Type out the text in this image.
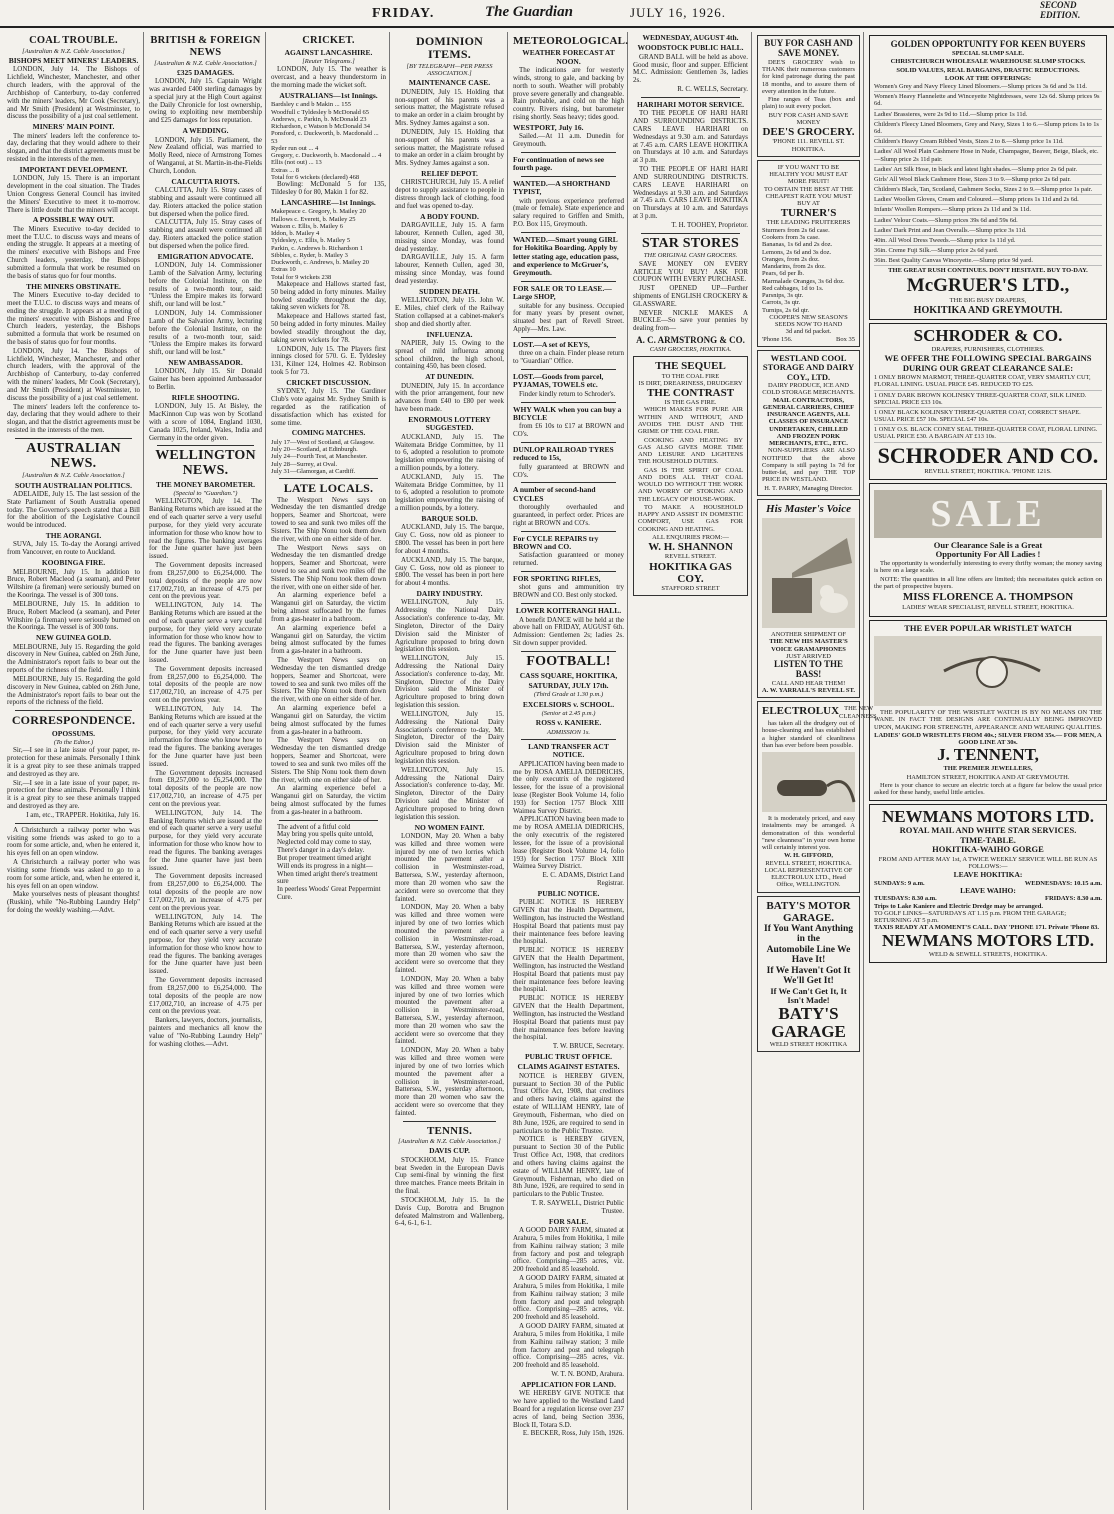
FRIDAY.	The Guardian	JULY 16, 1926.	SECOND EDITION.
COAL TROUBLE.
[Australian & N.Z. Cable Association.]
BISHOPS MEET MINERS' LEADERS.

LONDON, July 14. The Bishops of Lichfield, Winchester, Manchester, and other church leaders, with the approval of the Archbishop of Canterbury, to-day conferred with the miners' leaders, Mr Cook (Secretary), and Mr Smith (President) at Westminster, to discuss the possibility of a just coal settlement.

MINERS' MAIN POINT.

The miners' leaders left the conference to-day, declaring that they would adhere to their slogan, and that the district agreements must be resisted in the interests of the men.

IMPORTANT DEVELOPMENT.

LONDON, July 15. There is an important development in the coal situation. The Trades Union Congress General Council has invited the Miners' Executive to meet it to-morrow. There is little doubt that the miners will accept.

A POSSIBLE WAY OUT.

The Miners Executive to-day decided to meet the T.U.C. to discuss ways and means of ending the struggle. It appears at a meeting of the miners' executive with Bishops and Free Church leaders, yesterday, the Bishops submitted a formula that work be resumed on the basis of status quo for four months.

THE MINERS OBSTINATE.

The Miners Executive to-day decided to meet the T.U.C. to discuss ways and means of ending the struggle. It appears at a meeting of the miners' executive with Bishops and Free Church leaders, yesterday, the Bishops submitted a formula that work be resumed on the basis of status quo for four months.

LONDON, July 14. The Bishops of Lichfield, Winchester, Manchester, and other church leaders, with the approval of the Archbishop of Canterbury, to-day conferred with the miners' leaders, Mr Cook (Secretary), and Mr Smith (President) at Westminster, to discuss the possibility of a just coal settlement.

The miners' leaders left the conference to-day, declaring that they would adhere to their slogan, and that the district agreements must be resisted in the interests of the men.

AUSTRALIAN NEWS.
[Australian & N.Z. Cable Association.]
SOUTH AUSTRALIAN POLITICS.

ADELAIDE, July 15. The last session of the State Parliament of South Australia opened today. The Governor's speech stated that a Bill for the abolition of the Legislative Council would be introduced.

THE AORANGI.

SUVA, July 15. To-day the Aorangi arrived from Vancouver, en route to Auckland.

KOOBINGA FIRE.

MELBOURNE, July 15. In addition to Bruce, Robert Macleod (a seaman), and Peter Wiltshire (a fireman) were seriously burned on the Kooringa. The vessel is of 300 tons.

MELBOURNE, July 15. In addition to Bruce, Robert Macleod (a seaman), and Peter Wiltshire (a fireman) were seriously burned on the Kooringa. The vessel is of 300 tons.

NEW GUINEA GOLD.

MELBOURNE, July 15. Regarding the gold discovery in New Guinea, cabled on 26th June, the Administrator's report fails to bear out the reports of the richness of the field.

MELBOURNE, July 15. Regarding the gold discovery in New Guinea, cabled on 26th June, the Administrator's report fails to bear out the reports of the richness of the field.

CORRESPONDENCE.
OPOSSUMS.
(To the Editor.)

Sir,—I see in a late issue of your paper, re-protection for these animals. Personally I think it is a great pity to see these animals trapped and destroyed as they are.

Sir,—I see in a late issue of your paper, re-protection for these animals. Personally I think it is a great pity to see these animals trapped and destroyed as they are.

I am, etc., TRAPPER. Hokitika, July 16.

A Christchurch a railway porter who was visiting some friends was asked to go to a room for some article, and, when he entered it, his eyes fell on an open window.

A Christchurch a railway porter who was visiting some friends was asked to go to a room for some article, and, when he entered it, his eyes fell on an open window.

Make yourselves nests of pleasant thoughts! (Ruskin), while "No-Rubbing Laundry Help" for doing the weekly washing.—Advt.

BRITISH & FOREIGN NEWS
[Australian & N.Z. Cable Association.]
£325 DAMAGES.

LONDON, July 15. Captain Wright was awarded £400 sterling damages by a special jury at the High Court against the Daily Chronicle for lost ownership, owing to exploiting new membership and £25 damages for loss reputation.

A WEDDING.

LONDON, July 15. Parliament, the New Zealand official, was married to Molly Reed, niece of Armstrong Tomes of Wanganui, at St. Martin-in-the-Fields Church, London.

CALCUTTA RIOTS.

CALCUTTA, July 15. Stray cases of stabbing and assault were continued all day. Rioters attacked the police station but dispersed when the police fired.

CALCUTTA, July 15. Stray cases of stabbing and assault were continued all day. Rioters attacked the police station but dispersed when the police fired.

EMIGRATION ADVOCATE.

LONDON, July 14. Commissioner Lamb of the Salvation Army, lecturing before the Colonial Institute, on the results of a two-month tour, said: "Unless the Empire makes its forward shift, our land will be lost."

LONDON, July 14. Commissioner Lamb of the Salvation Army, lecturing before the Colonial Institute, on the results of a two-month tour, said: "Unless the Empire makes its forward shift, our land will be lost."

NEW AMBASSADOR.

LONDON, July 15. Sir Donald Gainer has been appointed Ambassador to Berlin.

RIFLE SHOOTING.

LONDON, July 15. At Bisley, the MacKinnon Cup was won by Scotland with a score of 1084, England 1030, Canada 1025, Ireland, Wales, India and Germany in the order given.

WELLINGTON NEWS.
THE MONEY BAROMETER.
(Special to "Guardian.")

WELLINGTON, July 14. The Banking Returns which are issued at the end of each quarter serve a very useful purpose, for they yield very accurate information for those who know how to read the figures. The banking averages for the June quarter have just been issued.

The Government deposits increased from £8,257,000 to £6,254,000. The total deposits of the people are now £17,002,710, an increase of 4.75 per cent on the previous year.

WELLINGTON, July 14. The Banking Returns which are issued at the end of each quarter serve a very useful purpose, for they yield very accurate information for those who know how to read the figures. The banking averages for the June quarter have just been issued.

The Government deposits increased from £8,257,000 to £6,254,000. The total deposits of the people are now £17,002,710, an increase of 4.75 per cent on the previous year.

WELLINGTON, July 14. The Banking Returns which are issued at the end of each quarter serve a very useful purpose, for they yield very accurate information for those who know how to read the figures. The banking averages for the June quarter have just been issued.

The Government deposits increased from £8,257,000 to £6,254,000. The total deposits of the people are now £17,002,710, an increase of 4.75 per cent on the previous year.

WELLINGTON, July 14. The Banking Returns which are issued at the end of each quarter serve a very useful purpose, for they yield very accurate information for those who know how to read the figures. The banking averages for the June quarter have just been issued.

The Government deposits increased from £8,257,000 to £6,254,000. The total deposits of the people are now £17,002,710, an increase of 4.75 per cent on the previous year.

WELLINGTON, July 14. The Banking Returns which are issued at the end of each quarter serve a very useful purpose, for they yield very accurate information for those who know how to read the figures. The banking averages for the June quarter have just been issued.

The Government deposits increased from £8,257,000 to £6,254,000. The total deposits of the people are now £17,002,710, an increase of 4.75 per cent on the previous year.

Bankers, lawyers, doctors, journalists, painters and mechanics all know the value of "No-Rubbing Laundry Help" for washing clothes.—Advt.

CRICKET.
AGAINST LANCASHIRE.
[Reuter Telegrams.]

LONDON, July 15. The weather is overcast, and a heavy thunderstorm in the morning made the wicket soft.

AUSTRALIANS—1st Innings.
Bardsley c and b Makin ... 155
Woodfull c Tyldesley b McDonald 65
Andrews, c. Parkin, b. McDonald 23
Richardson, c Watson b McDonald 34
Ponsford, c. Duckworth, b. Macdonald ... 53
Ryder run out ... 4
Gregory, c. Duckworth, b. Macdonald ... 4
Ellis (not out) ... 13
Extras ... 8
Total for 6 wickets (declared) 468

Bowling: McDonald 5 for 135, Tildesley 0 for 80, Makin 1 for 82.

LANCASHIRE—1st Innings.
Makepeace c. Gregory, b. Mailey 20
Hallows c. Everett, b. Mailey 25
Watson c. Ellis, b. Mailey 6
Iddon, b. Mailey 4
Tyldesley, c. Ellis, b. Mailey 5
Parkin, c. Andrews b. Richardson 1
Sibbles, c. Ryder, b. Mailey 3
Duckworth, c. Andrews, b. Mailey 20
Extras 10
Total for 9 wickets 238

Makepeace and Hallows started fast, 50 being added in forty minutes. Mailey bowled steadily throughout the day, taking seven wickets for 78.

Makepeace and Hallows started fast, 50 being added in forty minutes. Mailey bowled steadily throughout the day, taking seven wickets for 78.

LONDON, July 15. The Players first innings closed for 570. G. E. Tyldesley 131, Kilner 124, Holmes 42. Robinson took 5 for 73.

CRICKET DISCUSSION.

SYDNEY, July 15. The Gardiner Club's vote against Mr. Sydney Smith is regarded as the ratification of dissatisfaction which has existed for some time.

COMING MATCHES.
July 17—West of Scotland, at Glasgow.
July 20—Scotland, at Edinburgh.
July 24—Fourth Test, at Manchester.
July 28—Surrey, at Oval.
July 31—Glamorgan, at Cardiff.
LATE LOCALS.

The Westport News says on Wednesday the ten dismantled dredge hoppers, Seamer and Shortcoat, were towed to sea and sunk two miles off the Sisters. The Ship Nonu took them down the river, with one on either side of her.

The Westport News says on Wednesday the ten dismantled dredge hoppers, Seamer and Shortcoat, were towed to sea and sunk two miles off the Sisters. The Ship Nonu took them down the river, with one on either side of her.

An alarming experience befel a Wanganui girl on Saturday, the victim being almost suffocated by the fumes from a gas-heater in a bathroom.

An alarming experience befel a Wanganui girl on Saturday, the victim being almost suffocated by the fumes from a gas-heater in a bathroom.

The Westport News says on Wednesday the ten dismantled dredge hoppers, Seamer and Shortcoat, were towed to sea and sunk two miles off the Sisters. The Ship Nonu took them down the river, with one on either side of her.

An alarming experience befel a Wanganui girl on Saturday, the victim being almost suffocated by the fumes from a gas-heater in a bathroom.

The Westport News says on Wednesday the ten dismantled dredge hoppers, Seamer and Shortcoat, were towed to sea and sunk two miles off the Sisters. The Ship Nonu took them down the river, with one on either side of her.

An alarming experience befel a Wanganui girl on Saturday, the victim being almost suffocated by the fumes from a gas-heater in a bathroom.

The advent of a fitful cold
May bring you spells quite untold,
Neglected cold may come to stay,
There's danger in a day's delay.
But proper treatment timed aright
Will ends its progress in a night—
When timed aright there's treatment sure
In peerless Woods' Great Peppermint Cure.
DOMINION ITEMS.
[BY TELEGRAPH—PER PRESS ASSOCIATION.]
MAINTENANCE CASE.

DUNEDIN, July 15. Holding that non-support of his parents was a serious matter, the Magistrate refused to make an order in a claim brought by Mrs. Sydney James against a son.

DUNEDIN, July 15. Holding that non-support of his parents was a serious matter, the Magistrate refused to make an order in a claim brought by Mrs. Sydney James against a son.

RELIEF DEPOT.

CHRISTCHURCH, July 15. A relief depot to supply assistance to people in distress through lack of clothing, food and fuel was opened to-day.

A BODY FOUND.

DARGAVILLE, July 15. A farm labourer, Kenneth Cullen, aged 30, missing since Monday, was found dead yesterday.

DARGAVILLE, July 15. A farm labourer, Kenneth Cullen, aged 30, missing since Monday, was found dead yesterday.

SUDDEN DEATH.

WELLINGTON, July 15. John W. E. Miles, chief clerk of the Railway Station collapsed at a cabinet-maker's shop and died shortly after.

INFLUENZA.

NAPIER, July 15. Owing to the spread of mild influenza among school children, the high school, containing 450, has been closed.

AT DUNEDIN.

DUNEDIN, July 15. In accordance with the prior arrangement, four new advances from £40 to £80 per week have been made.

ENORMOUS LOTTERY SUGGESTED.

AUCKLAND, July 15. The Waitemata Bridge Committee, by 11 to 6, adopted a resolution to promote legislation empowering the raising of a million pounds, by a lottery.

AUCKLAND, July 15. The Waitemata Bridge Committee, by 11 to 6, adopted a resolution to promote legislation empowering the raising of a million pounds, by a lottery.

BARQUE SOLD.

AUCKLAND, July 15. The barque, Guy C. Goss, now old as pioneer to £800. The vessel has been in port here for about 4 months.

AUCKLAND, July 15. The barque, Guy C. Goss, now old as pioneer to £800. The vessel has been in port here for about 4 months.

DAIRY INDUSTRY.

WELLINGTON, July 15. Addressing the National Dairy Association's conference to-day, Mr. Singleton, Director of the Dairy Division said the Minister of Agriculture proposed to bring down legislation this session.

WELLINGTON, July 15. Addressing the National Dairy Association's conference to-day, Mr. Singleton, Director of the Dairy Division said the Minister of Agriculture proposed to bring down legislation this session.

WELLINGTON, July 15. Addressing the National Dairy Association's conference to-day, Mr. Singleton, Director of the Dairy Division said the Minister of Agriculture proposed to bring down legislation this session.

WELLINGTON, July 15. Addressing the National Dairy Association's conference to-day, Mr. Singleton, Director of the Dairy Division said the Minister of Agriculture proposed to bring down legislation this session.

NO WOMEN FAINT.

LONDON, May 20. When a baby was killed and three women were injured by one of two lorries which mounted the pavement after a collision in Westminster-road, Battersea, S.W., yesterday afternoon, more than 20 women who saw the accident were so overcome that they fainted.

LONDON, May 20. When a baby was killed and three women were injured by one of two lorries which mounted the pavement after a collision in Westminster-road, Battersea, S.W., yesterday afternoon, more than 20 women who saw the accident were so overcome that they fainted.

LONDON, May 20. When a baby was killed and three women were injured by one of two lorries which mounted the pavement after a collision in Westminster-road, Battersea, S.W., yesterday afternoon, more than 20 women who saw the accident were so overcome that they fainted.

LONDON, May 20. When a baby was killed and three women were injured by one of two lorries which mounted the pavement after a collision in Westminster-road, Battersea, S.W., yesterday afternoon, more than 20 women who saw the accident were so overcome that they fainted.

TENNIS.
[Australian & N.Z. Cable Association.]
DAVIS CUP.

STOCKHOLM, July 15. France beat Sweden in the European Davis Cup semi-final by winning the first three matches. France meets Britain in the final.

STOCKHOLM, July 15. In the Davis Cup, Borotra and Brugnon defeated Malmstrom and Wallenberg, 6-4, 6-1, 6-1.

METEOROLOGICAL.
WEATHER FORECAST AT NOON.

The indications are for westerly winds, strong to gale, and backing by north to south. Weather will probably prove severe generally and changeable. Rain probable, and cold on the high country. Rivers rising, but barometer rising shortly. Seas heavy; tides good.

WESTPORT, July 16.

Sailed.—At 11 a.m. Dunedin for Greymouth.

For continuation of news see fourth page.
WANTED.—A SHORTHAND TYPIST,

with previous experience preferred (male or female). State experience and salary required to Griffen and Smith, P.O. Box 115, Greymouth.

WANTED.—Smart young GIRL for Hokitika Boarding. Apply by letter stating age, education pass, and experience to McGruer's, Greymouth.
FOR SALE OR TO LEASE.—Large SHOP,

suitable for any business. Occupied for many years by present owner, situated best part of Revell Street. Apply—Mrs. Law.

LOST.—A set of KEYS,

three on a chain. Finder please return to "Guardian" Office.

LOST.—Goods from parcel, PYJAMAS, TOWELS etc.

Finder kindly return to Schroder's.

WHY WALK when you can buy a BICYCLE

from £6 10s to £17 at BROWN and CO's.

DUNLOP RAILROAD TYRES reduced to 15s,

fully guaranteed at BROWN and CO's.

A number of second-hand CYCLES

thoroughly overhauled and guaranteed, in perfect order. Prices are right at BROWN and CO's.

For CYCLE REPAIRS try BROWN and CO.

Satisfaction guaranteed or money returned.

FOR SPORTING RIFLES,

shot guns and ammunition try BROWN and CO. Best only stocked.

LOWER KOITERANGI HALL.

A benefit DANCE will be held at the above hall on FRIDAY, AUGUST 6th. Admission: Gentlemen 2s; ladies 2s. Sit down supper provided.

FOOTBALL!
CASS SQUARE, HOKITIKA,
SATURDAY, JULY 17th.
(Third Grade at 1.30 p.m.)
EXCELSIORS v. SCHOOL.
(Senior at 2.45 p.m.)
ROSS v. KANIERE.
ADMISSION 1s.
LAND TRANSFER ACT NOTICE.

APPLICATION having been made to me by ROSA AMELIA DIEDRICHS, the only executrix of the registered lessee, for the issue of a provisional lease (Register Book Volume 14, folio 193) for Section 1757 Block XIII Waimea Survey District.

APPLICATION having been made to me by ROSA AMELIA DIEDRICHS, the only executrix of the registered lessee, for the issue of a provisional lease (Register Book Volume 14, folio 193) for Section 1757 Block XIII Waimea Survey District.

E. C. ADAMS, District Land Registrar.

PUBLIC NOTICE.

PUBLIC NOTICE IS HEREBY GIVEN that the Health Department, Wellington, has instructed the Westland Hospital Board that patients must pay their maintenance fees before leaving the hospital.

PUBLIC NOTICE IS HEREBY GIVEN that the Health Department, Wellington, has instructed the Westland Hospital Board that patients must pay their maintenance fees before leaving the hospital.

PUBLIC NOTICE IS HEREBY GIVEN that the Health Department, Wellington, has instructed the Westland Hospital Board that patients must pay their maintenance fees before leaving the hospital.

T. W. BRUCE, Secretary.

PUBLIC TRUST OFFICE.
CLAIMS AGAINST ESTATES.

NOTICE is HEREBY GIVEN, pursuant to Section 30 of the Public Trust Office Act, 1908, that creditors and others having claims against the estate of WILLIAM HENRY, late of Greymouth, Fisherman, who died on 8th June, 1926, are required to send in particulars to the Public Trustee.

NOTICE is HEREBY GIVEN, pursuant to Section 30 of the Public Trust Office Act, 1908, that creditors and others having claims against the estate of WILLIAM HENRY, late of Greymouth, Fisherman, who died on 8th June, 1926, are required to send in particulars to the Public Trustee.

T. R. SAYWELL, District Public Trustee.

FOR SALE.

A GOOD DAIRY FARM, situated at Arahura, 5 miles from Hokitika, 1 mile from Kaihinu railway station; 3 mile from factory and post and telegraph office. Comprising—285 acres, viz. 200 freehold and 85 leasehold.

A GOOD DAIRY FARM, situated at Arahura, 5 miles from Hokitika, 1 mile from Kaihinu railway station; 3 mile from factory and post and telegraph office. Comprising—285 acres, viz. 200 freehold and 85 leasehold.

A GOOD DAIRY FARM, situated at Arahura, 5 miles from Hokitika, 1 mile from Kaihinu railway station; 3 mile from factory and post and telegraph office. Comprising—285 acres, viz. 200 freehold and 85 leasehold.

W. T. N. BOND, Arahura.

APPLICATION FOR LAND.

WE HEREBY GIVE NOTICE that we have applied to the Westland Land Board for a regulation license over 237 acres of land, being Section 3936, Block II, Totara S.D.

E. BECKER, Ross, July 15th, 1926.

WEDNESDAY, AUGUST 4th.
WOODSTOCK PUBLIC HALL.

GRAND BALL will be held as above. Good music, floor and supper. Efficient M.C. Admission: Gentlemen 3s, ladies 2s.

R. C. WELLS, Secretary.

HARIHARI MOTOR SERVICE.

TO THE PEOPLE OF HARI HARI AND SURROUNDING DISTRICTS. CARS LEAVE HARIHARI on Wednesdays at 9.30 a.m. and Saturdays at 7.45 a.m. CARS LEAVE HOKITIKA on Thursdays at 10 a.m. and Saturdays at 3 p.m.

TO THE PEOPLE OF HARI HARI AND SURROUNDING DISTRICTS. CARS LEAVE HARIHARI on Wednesdays at 9.30 a.m. and Saturdays at 7.45 a.m. CARS LEAVE HOKITIKA on Thursdays at 10 a.m. and Saturdays at 3 p.m.

T. H. TOOHEY, Proprietor.

STAR STORES
THE ORIGINAL CASH GROCERS.

SAVE MONEY ON EVERY ARTICLE YOU BUY! ASK FOR COUPON WITH EVERY PURCHASE.

JUST OPENED UP—Further shipments of ENGLISH CROCKERY & GLASSWARE.

NEVER NICKLE MAKES A BUCKLE—So save your pennies by dealing from—

A. C. ARMSTRONG & CO.
CASH GROCERS, HOKITIKA.
THE SEQUEL
TO THE COAL FIRE
IS DIRT, DREARINESS, DRUDGERY
THE CONTRAST
IS THE GAS FIRE.

WHICH MAKES FOR PURE AIR WITHIN AND WITHOUT, AND AVOIDS THE DUST AND THE GRIME OF THE COAL FIRE.

COOKING AND HEATING BY GAS ALSO GIVES MORE TIME AND LEISURE AND LIGHTENS THE HOUSEHOLD DUTIES.

GAS IS THE SPIRIT OF COAL AND DOES ALL THAT COAL WOULD DO WITHOUT THE WORK AND WORRY OF STOKING AND THE LEGACY OF HOUSE-WORK.

TO MAKE A HOUSEHOLD HAPPY AND ASSIST IN DOMESTIC COMFORT, USE GAS FOR COOKING AND HEATING.

ALL ENQUIRIES FROM:—
W. H. SHANNON
REVELL STREET.
HOKITIKA GAS COY.
STAFFORD STREET
BUY FOR CASH AND SAVE MONEY.

DEE'S GROCERY wish to THANK their numerous customers for kind patronage during the past 18 months, and to assure them of every attention in the future.

Fine ranges of Teas (box and plain) to suit every pocket.

BUY FOR CASH AND SAVE MONEY
DEE'S GROCERY.
'PHONE 111. REVELL ST. HOKITIKA.
IF YOU WANT TO BE HEALTHY YOU MUST EAT MORE FRUIT!
TO OBTAIN THE BEST AT THE CHEAPEST RATE YOU MUST BUY AT
TURNER'S
THE LEADING FRUITERERS
Sturmers from 2s 6d case.
Cookers from 3s case.
Bananas, 1s 6d and 2s doz.
Lemons, 2s 6d and 3s doz.
Oranges, from 2s doz.
Mandarins, from 2s doz.
Pears, 6d per lb.
Marmalade Oranges, 3s 6d doz.
Red cabbages, 1d to 1s.
Parsnips, 3s qtr.
Carrots, 3s qtr.
Turnips, 2s 6d qtr.
COOPER'S NEW SEASON'S SEEDS NOW TO HAND
3d and 6d packet.
'Phone 156.	Box 35
WESTLAND COOL STORAGE AND DAIRY COY., LTD.
DAIRY PRODUCE, ICE AND COLD STORAGE MERCHANTS.
MAIL CONTRACTORS, GENERAL CARRIERS, CHIEF INSURANCE AGENTS, ALL CLASSES OF INSURANCE UNDERTAKEN, CHILLED AND FROZEN PORK MERCHANTS, ETC., ETC.

NON-SUPPLIERS ARE ALSO NOTIFIED that the above Company is still paying 1s 7d for butter-fat, and pay THE TOP PRICE IN WESTLAND.

H. T. PARRY, Managing Director.
His Master's Voice
ANOTHER SHIPMENT OF
THE NEW HIS MASTER'S VOICE GRAMAPHONES
JUST ARRIVED
LISTEN TO THE BASS!
CALL AND HEAR THEM!
A. W. YARRALL'S REVELL ST.
ELECTROLUX THE NEW CLEANNESS.

has taken all the drudgery out of house-cleaning and has established a higher standard of cleanliness than has ever before been possible.

It is moderately priced, and easy instalments may be arranged. A demonstration of this wonderful "new cleanness" in your own home will certainly interest you.

W. H. GIFFORD,
REVELL STREET, HOKITIKA.
LOCAL REPRESENTATIVE OF
ELECTROLUX LTD., Head Office, WELLINGTON.
BATY'S MOTOR GARAGE.
If You Want Anything in the
Automobile Line We Have It!
If We Haven't Got It
We'll Get It!
If We Can't Get It, It Isn't Made!
BATY'S GARAGE
WELD STREET HOKITIKA
GOLDEN OPPORTUNITY FOR KEEN BUYERS
SPECIAL SLUMP SALE.
CHRISTCHURCH WHOLESALE WAREHOUSE SLUMP STOCKS.
SOLID VALUES, REAL BARGAINS, DRASTIC REDUCTIONS.
LOOK AT THE OFFERINGS:
Women's Grey and Navy Fleecy Lined Bloomers.—Slump prices 3s 6d and 3s 11d.
Women's Heavy Flannelette and Winceyette Nightdresses, were 12s 6d. Slump prices 9s 6d.
Ladies' Brassieres, were 2s 9d to 11d.—Slump price 1s 11d.
Children's Fleecy Lined Bloomers, Grey and Navy, Sizes 1 to 6.—Slump prices 1s to 1s 6d.
Children's Heavy Cream Ribbed Vests, Sizes 2 to 8.—Slump price 1s 11d.
Ladies' All Wool Plain Cashmere Hose in Nude, Champagne, Beaver, Beige, Black, etc.—Slump price 2s 11d pair.
Ladies' Art Silk Hose, in black and latest light shades.—Slump price 2s 6d pair.
Girls' All Wool Black Cashmere Hose, Sizes 3 to 9.—Slump price 2s 6d pair.
Children's Black, Tan, Scotland, Cashmere Socks, Sizes 2 to 9.—Slump price 1s pair.
Ladies' Woollen Gloves, Cream and Coloured.—Slump prices 1s 11d and 2s 6d.
Infants' Woollen Rompers.—Slump prices 2s 11d and 3s 11d.
Ladies' Velour Coats.—Slump prices 39s 6d and 59s 6d.
Ladies' Dark Print and Jean Overalls.—Slump price 3s 11d.
40in. All Wool Dress Tweeds.—Slump price 1s 11d yd.
36in. Creme Fuji Silk.—Slump price 2s 6d yard.
36in. Best Quality Canvas Winceyette.—Slump price 9d yard.
THE GREAT RUSH CONTINUES. DON'T HESITATE. BUY TO-DAY.
McGRUER'S LTD.,
THE BIG BUSY DRAPERS,
HOKITIKA AND GREYMOUTH.
SCHRODER & CO.
DRAPERS, FURNISHERS, CLOTHIERS.
WE OFFER THE FOLLOWING SPECIAL BARGAINS DURING OUR GREAT CLEARANCE SALE:
1 ONLY BROWN MARMOT, THREE-QUARTER COAT, VERY SMARTLY CUT, FLORAL LINING. USUAL PRICE £45. REDUCED TO £25.
1 ONLY DARK BROWN KOLINSKY THREE-QUARTER COAT, SILK LINED. SPECIAL PRICE £33 10s.
1 ONLY BLACK KOLINSKY THREE-QUARTER COAT, CORRECT SHAPE. USUAL PRICE £57 10s. SPECIAL £47 10s.
1 ONLY O.S. BLACK CONEY SEAL THREE-QUARTER COAT, FLORAL LINING. USUAL PRICE £30. A BARGAIN AT £13 10s.
SCHRODER AND CO.
REVELL STREET, HOKITIKA. 'PHONE 121S.
SALE
Our Clearance Sale is a Great
Opportunity For All Ladies !

The opportunity is wonderfully interesting to every thrifty woman; the money saving is here on a large scale.

NOTE: The quantities in all line offers are limited; this necessitates quick action on the part of prospective buyers.

MISS FLORENCE A. THOMPSON
LADIES' WEAR SPECIALIST, REVELL STREET, HOKITIKA.
THE EVER POPULAR WRISTLET WATCH

THE POPULARITY OF THE WRISTLET WATCH IS BY NO MEANS ON THE WANE. IN FACT THE DESIGNS ARE CONTINUALLY BEING IMPROVED UPON, MAKING FOR STRENGTH, APPEARANCE AND WEARING QUALITIES.

LADIES' GOLD WRISTLETS FROM 40s.; SILVER FROM 35s.— FOR MEN, A GOOD LINE AT 30s.
J. TENNENT,
THE PREMIER JEWELLERS,
HAMILTON STREET, HOKITIKA AND AT GREYMOUTH.

Here is your chance to secure an electric torch at a figure far below the usual price asked for these handy, useful little articles.

NEWMANS MOTORS LTD.
ROYAL MAIL AND WHITE STAR SERVICES.
TIME-TABLE.
HOKITIKA-WAIHO GORGE
FROM AND AFTER MAY 1st, A TWICE WEEKLY SERVICE WILL BE RUN AS FOLLOWS:—
LEAVE HOKITIKA:
SUNDAYS: 9 a.m.	WEDNESDAYS: 10.15 a.m.
LEAVE WAIHO:
TUESDAYS: 8.30 a.m.	FRIDAYS: 8.30 a.m.
Trips to Lake Kaniere and Electric Dredge may be arranged.
TO GOLF LINKS—SATURDAYS AT 1.15 p.m. FROM THE GARAGE; RETURNING AT 5 p.m.
TAXIS READY AT A MOMENT'S CALL. DAY 'PHONE 171. Private 'Phone 83.
NEWMANS MOTORS LTD.
WELD & SEWELL STREETS, HOKITIKA.
